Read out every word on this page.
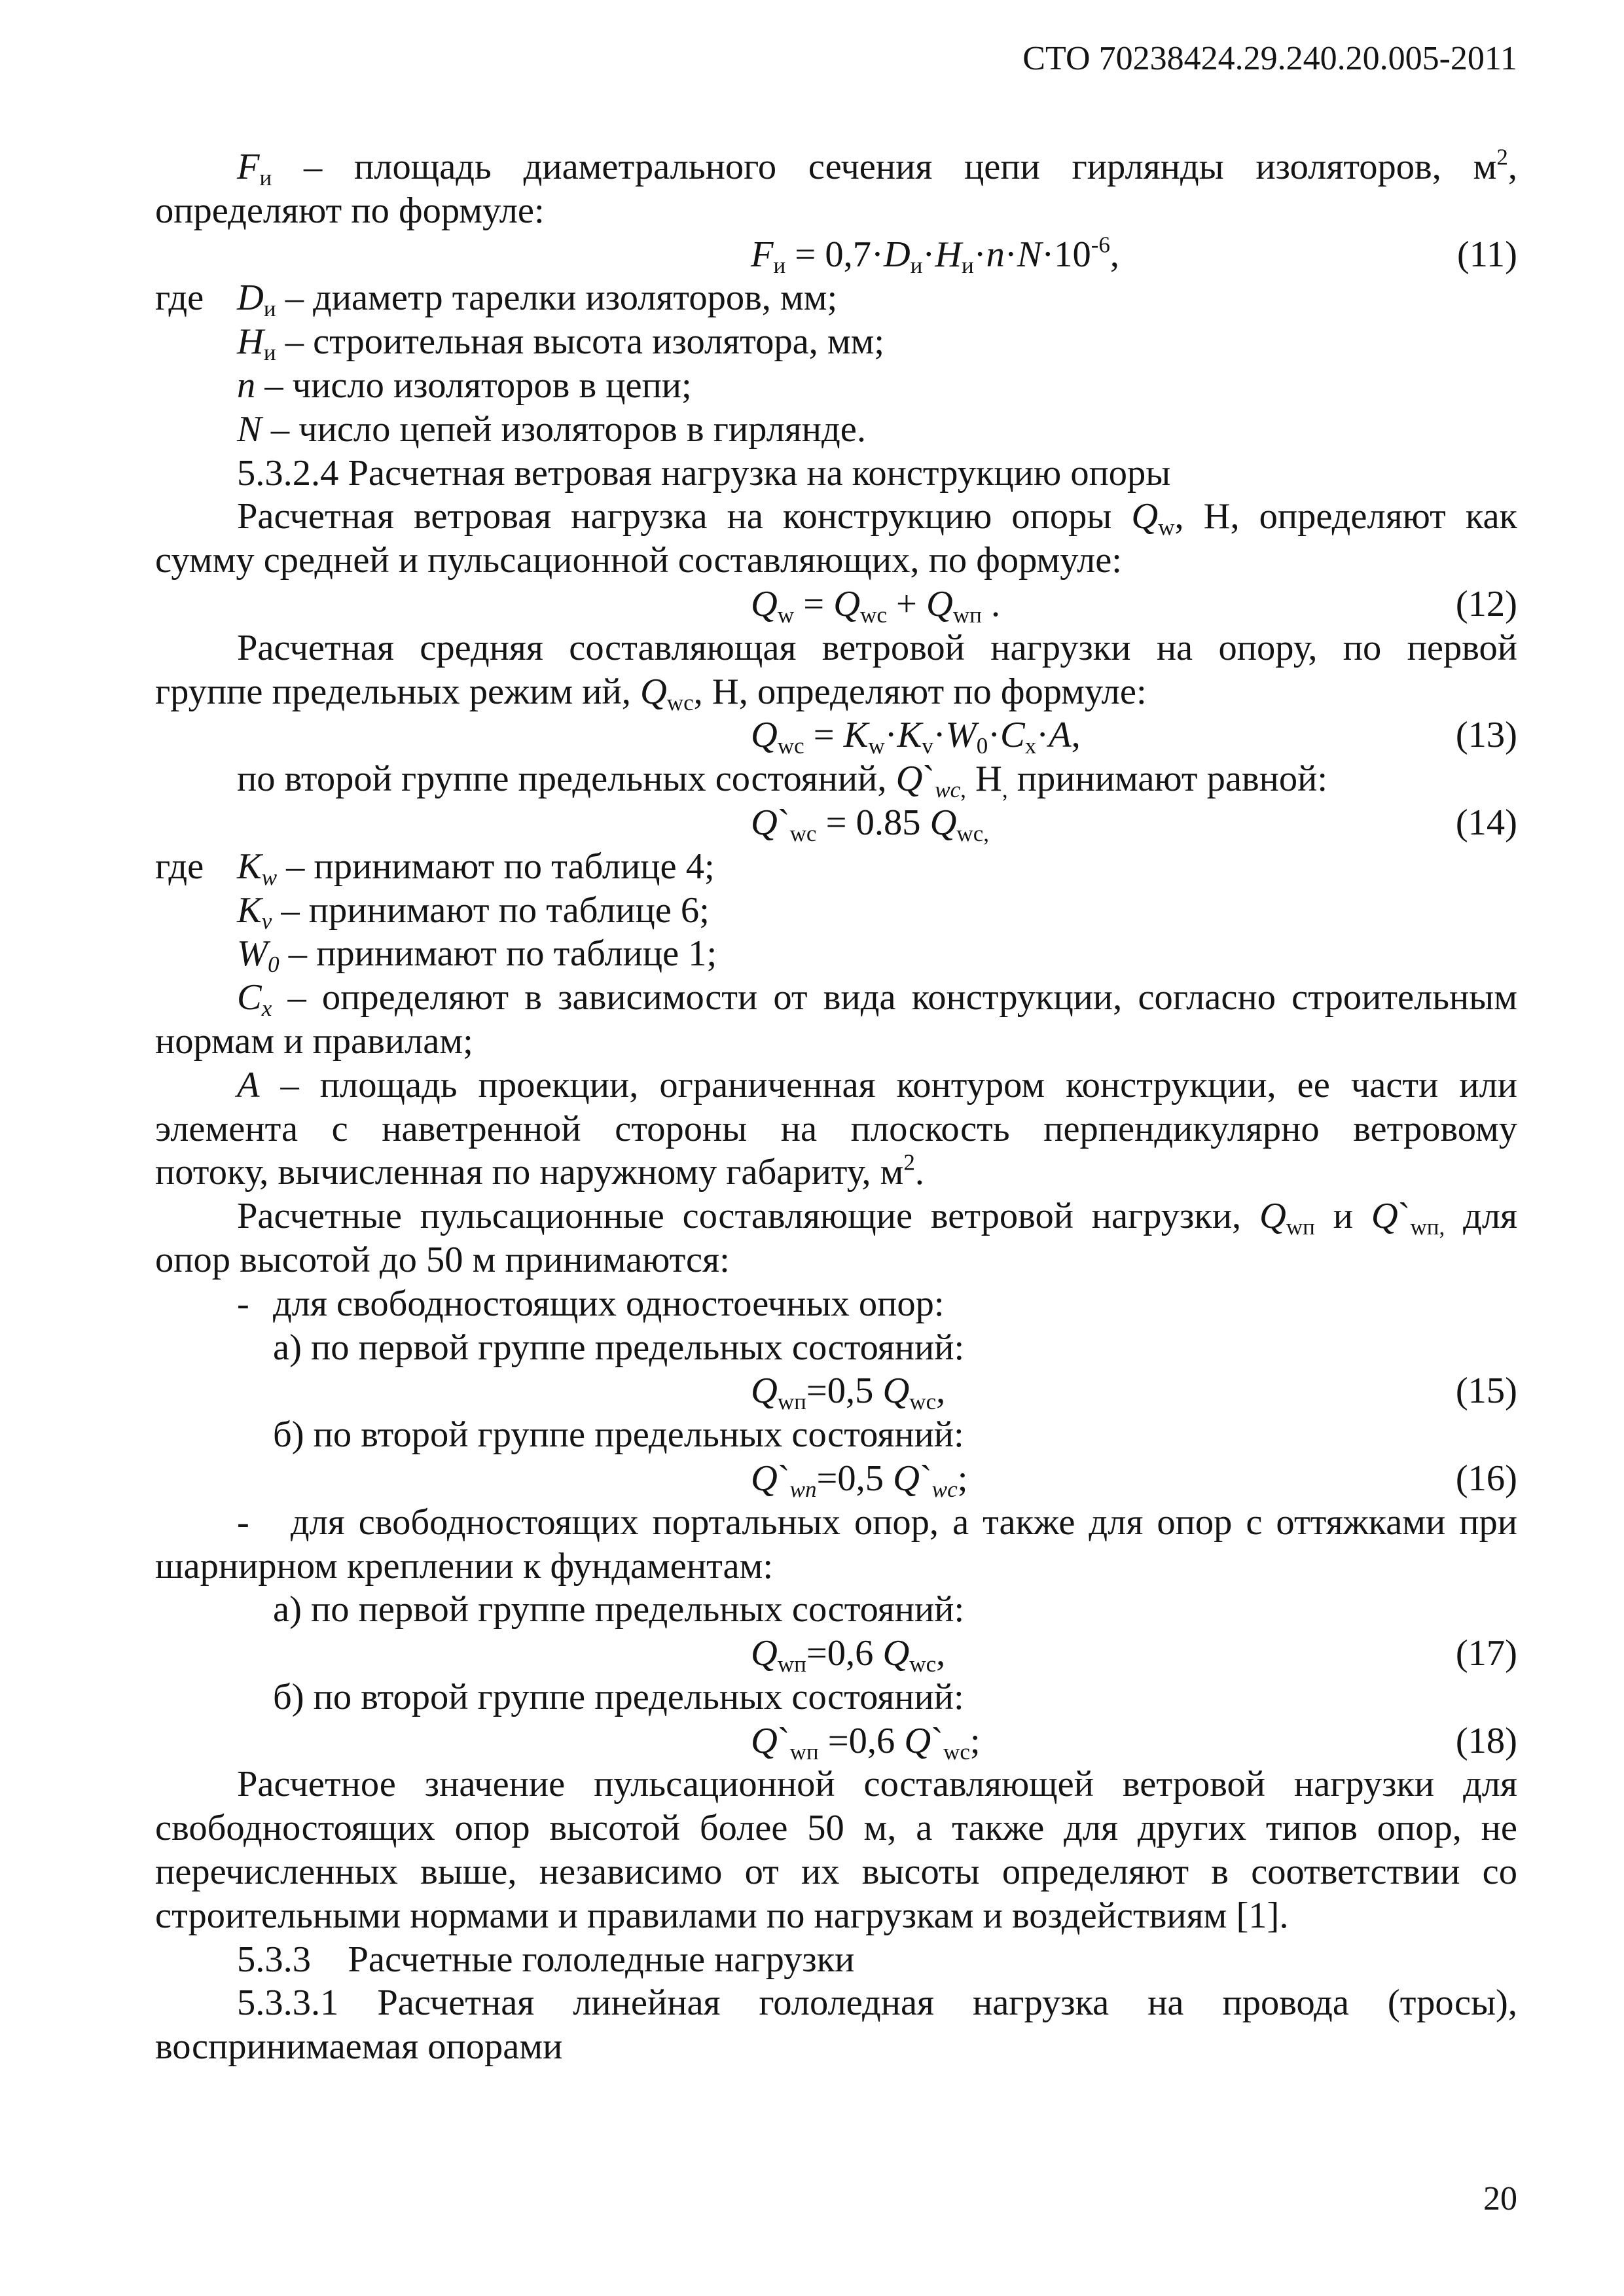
СТО 70238424.29.240.20.005-2011
$F_и$ – площадь диаметрального сечения цепи гирлянды изоляторов, $м^2$,
определяют по формуле:
$F_и = 0,7\cdot D_и\cdot H_и\cdot n\cdot N\cdot 10^{-6}$,	(11)
где $D_и$ – диаметр тарелки изоляторов, мм;
$H_и$ – строительная высота изолятора, мм;
n – число изоляторов в цепи;
N – число цепей изоляторов в гирлянде.
5.3.2.4 Расчетная ветровая нагрузка на конструкцию опоры
Расчетная ветровая нагрузка на конструкцию опоры $Q_w$, Н, определяют как
сумму средней и пульсационной составляющих, по формуле:
$Q_w = Q_{wc} + Q_{wп}$ .	(12)
Расчетная средняя составляющая ветровой нагрузки на опору, по первой
группе предельных режим ий, $Q_{wc}$, Н, определяют по формуле:
$Q_{wc} = K_w\cdot K_v\cdot W_0\cdot C_x\cdot A$,	(13)
по второй группе предельных состояний, $Q`_{wc,}$ $Н_,$ принимают равной:
$Q`_{wc} = 0.85$ $Q_{wc,}$	(14)
где $K_w$ – принимают по таблице 4;
$K_v$ – принимают по таблице 6;
$W_0$ – принимают по таблице 1;
$C_x$ – определяют в зависимости от вида конструкции, согласно строительным
нормам и правилам;
A – площадь проекции, ограниченная контуром конструкции, ее части или
элемента с наветренной стороны на плоскость перпендикулярно ветровому
потоку, вычисленная по наружному габариту, $м^2$.
Расчетные пульсационные составляющие ветровой нагрузки, $Q_{wп}$ и $Q`_{wп,}$ для
опор высотой до 50 м принимаются:
- для свободностоящих одностоечных опор:
а) по первой группе предельных состояний:
$Q_{wп}=0,5$ $Q_{wc}$,	(15)
б) по второй группе предельных состояний:
$Q`_{wn}=0,5$ $Q`_{wc}$;	(16)
- для свободностоящих портальных опор, а также для опор с оттяжками при
шарнирном креплении к фундаментам:
а) по первой группе предельных состояний:
$Q_{wп}=0,6$ $Q_{wc}$,	(17)
б) по второй группе предельных состояний:
$Q`_{wп} =0,6$ $Q`_{wc}$;	(18)
Расчетное значение пульсационной составляющей ветровой нагрузки для
свободностоящих опор высотой более 50 м, а также для других типов опор, не
перечисленных выше, независимо от их высоты определяют в соответствии со
строительными нормами и правилами по нагрузкам и воздействиям [1].
5.3.3 Расчетные гололедные нагрузки
5.3.3.1 Расчетная линейная гололедная нагрузка на провода (тросы),
воспринимаемая опорами
20
